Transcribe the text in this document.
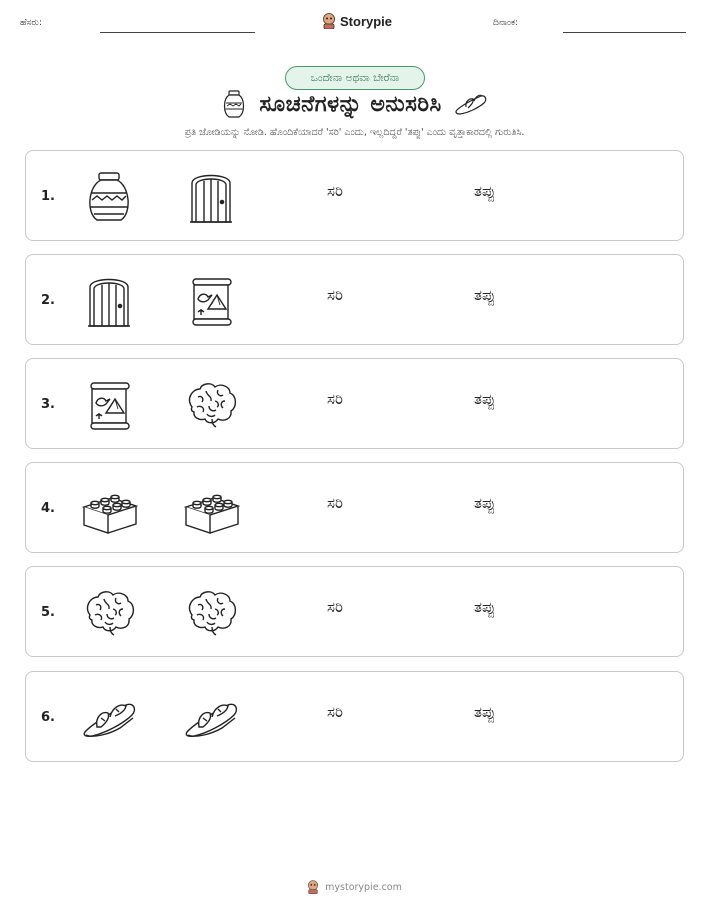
ಹೆಸರು:	Storypie	ದಿನಾಂಕ:
ಒಂದೇನಾ ಅಥವಾ ಬೇರೆನಾ
ಸೂಚನೆಗಳನ್ನು ಅನುಸರಿಸಿ
ಪ್ರತಿ ಜೋಡಿಯನ್ನು ನೋಡಿ. ಹೊಂದಿಕೆಯಾದರೆ 'ಸರಿ' ಎಂದು, ಇಲ್ಲದಿದ್ದರೆ 'ತಪ್ಪು' ಎಂದು ವೃತ್ತಾಕಾರದಲ್ಲಿ ಗುರುತಿಸಿ.
1.	ಸರಿ	ತಪ್ಪು
2.	ಸರಿ	ತಪ್ಪು
3.	ಸರಿ	ತಪ್ಪು
4.	ಸರಿ	ತಪ್ಪು
5.	ಸರಿ	ತಪ್ಪು
6.	ಸರಿ	ತಪ್ಪು
mystorypie.com
